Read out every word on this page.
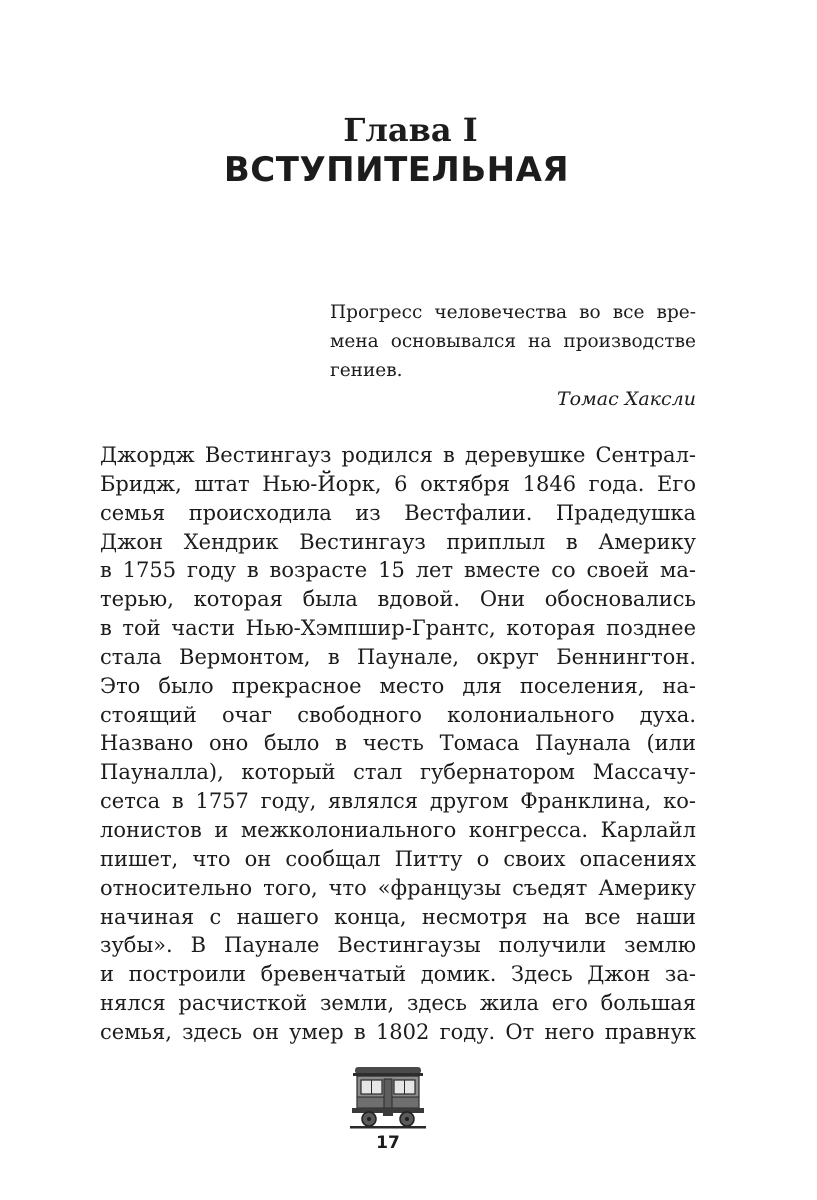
Глава I
ВСТУПИТЕЛЬНАЯ
Прогресс человечества во все вре-
мена основывался на производстве
гениев.
Томас Хаксли
Джордж Вестингауз родился в деревушке Сентрал-
Бридж, штат Нью-Йорк, 6 октября 1846 года. Его
семья происходила из Вестфалии. Прадедушка
Джон Хендрик Вестингауз приплыл в Америку
в 1755 году в возрасте 15 лет вместе со своей ма-
терью, которая была вдовой. Они обосновались
в той части Нью-Хэмпшир-Грантс, которая позднее
стала Вермонтом, в Паунале, округ Беннингтон.
Это было прекрасное место для поселения, на-
стоящий очаг свободного колониального духа.
Названо оно было в честь Томаса Паунала (или
Пауналла), который стал губернатором Массачу-
сетса в 1757 году, являлся другом Франклина, ко-
лонистов и межколониального конгресса. Карлайл
пишет, что он сообщал Питту о своих опасениях
относительно того, что «французы съедят Америку
начиная с нашего конца, несмотря на все наши
зубы». В Паунале Вестингаузы получили землю
и построили бревенчатый домик. Здесь Джон за-
нялся расчисткой земли, здесь жила его большая
семья, здесь он умер в 1802 году. От него правнук
17
